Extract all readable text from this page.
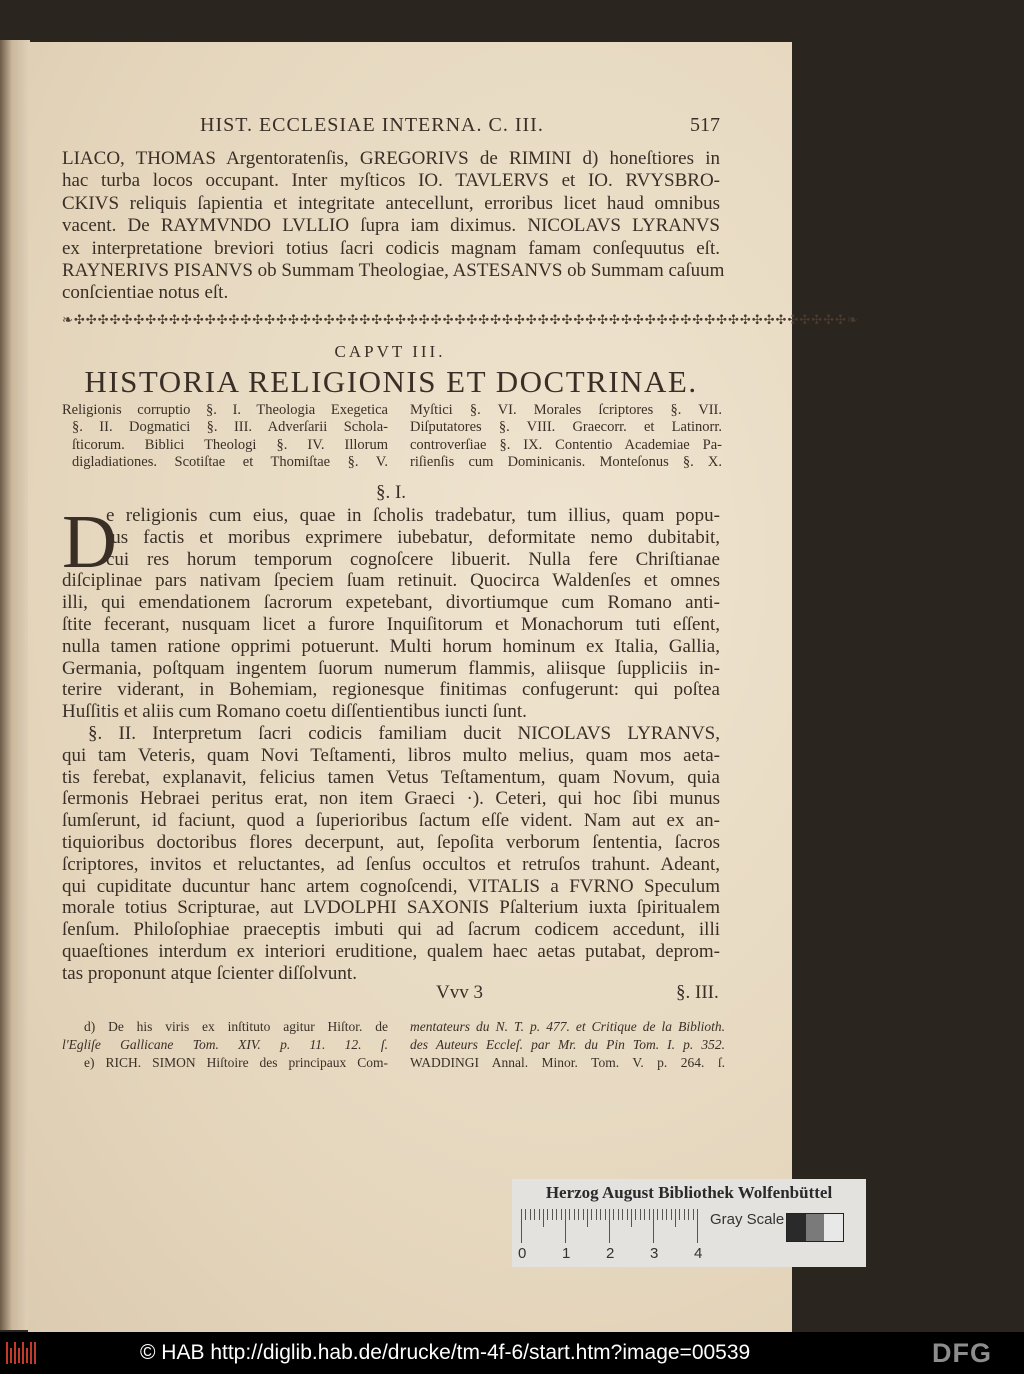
HIST. ECCLESIAE INTERNA. C. III.	517
LIACO, THOMAS Argentoratenſis, GREGORIVS de RIMINI d) honeſtiores in
hac turba locos occupant. Inter myſticos IO. TAVLERVS et IO. RVYSBRO-
CKIVS reliquis ſapientia et integritate antecellunt, erroribus licet haud omnibus
vacent. De RAYMVNDO LVLLIO ſupra iam diximus. NICOLAVS LYRANVS
ex interpretatione breviori totius ſacri codicis magnam famam conſequutus eſt.
RAYNERIVS PISANVS ob Summam Theologiae, ASTESANVS ob Summam caſuum
conſcientiae notus eſt.
❧✣✣✣✣✣✣✣✣✣✣✣✣✣✣✣✣✣✣✣✣✣✣✣✣✣✣✣✣✣✣✣✣✣✣✣✣✣✣✣✣✣✣✣✣✣✣✣✣✣✣✣✣✣✣✣✣✣✣✣✣✣✣✣✣✣❧
CAPVT III.
HISTORIA RELIGIONIS ET DOCTRINAE.
Religionis corruptio §. I. Theologia Exegetica
§. II. Dogmatici §. III. Adverſarii Schola-
ſticorum. Biblici Theologi §. IV. Illorum
digladiationes. Scotiſtae et Thomiſtae §. V.
Myſtici §. VI. Morales ſcriptores §. VII.
Diſputatores §. VIII. Graecorr. et Latinorr.
controverſiae §. IX. Contentio Academiae Pa-
riſienſis cum Dominicanis. Monteſonus §. X.
§. I.
D
e religionis cum eius, quae in ſcholis tradebatur, tum illius, quam popu-
lus factis et moribus exprimere iubebatur, deformitate nemo dubitabit,
cui res horum temporum cognoſcere libuerit. Nulla fere Chriſtianae
diſciplinae pars nativam ſpeciem ſuam retinuit. Quocirca Waldenſes et omnes
illi, qui emendationem ſacrorum expetebant, divortiumque cum Romano anti-
ſtite fecerant, nusquam licet a furore Inquiſitorum et Monachorum tuti eſſent,
nulla tamen ratione opprimi potuerunt. Multi horum hominum ex Italia, Gallia,
Germania, poſtquam ingentem ſuorum numerum flammis, aliisque ſuppliciis in-
terire viderant, in Bohemiam, regionesque finitimas confugerunt: qui poſtea
Huſſitis et aliis cum Romano coetu diſſentientibus iuncti ſunt.
§. II. Interpretum ſacri codicis familiam ducit NICOLAVS LYRANVS,
qui tam Veteris, quam Novi Teſtamenti, libros multo melius, quam mos aeta-
tis ferebat, explanavit, felicius tamen Vetus Teſtamentum, quam Novum, quia
ſermonis Hebraei peritus erat, non item Graeci ·). Ceteri, qui hoc ſibi munus
ſumſerunt, id faciunt, quod a ſuperioribus ſactum eſſe vident. Nam aut ex an-
tiquioribus doctoribus flores decerpunt, aut, ſepoſita verborum ſententia, ſacros
ſcriptores, invitos et reluctantes, ad ſenſus occultos et retruſos trahunt. Adeant,
qui cupiditate ducuntur hanc artem cognoſcendi, VITALIS a FVRNO Speculum
morale totius Scripturae, aut LVDOLPHI SAXONIS Pſalterium iuxta ſpiritualem
ſenſum. Philoſophiae praeceptis imbuti qui ad ſacrum codicem accedunt, illi
quaeſtiones interdum ex interiori eruditione, qualem haec aetas putabat, deprom-
tas proponunt atque ſcienter diſſolvunt.
Vvv 3	§. III.
d) De his viris ex inſtituto agitur Hiſtor. de
l'Egliſe Gallicane Tom. XIV. p. 11. 12. ſ.
e) RICH. SIMON Hiſtoire des principaux Com-
mentateurs du N. T. p. 477. et Critique de la Biblioth.
des Auteurs Eccleſ. par Mr. du Pin Tom. I. p. 352.
WADDINGI Annal. Minor. Tom. V. p. 264. ſ.
Herzog August Bibliothek Wolfenbüttel
0 1 2 3 4
Gray Scale
© HAB http://diglib.hab.de/drucke/tm-4f-6/start.htm?image=00539	DFG
